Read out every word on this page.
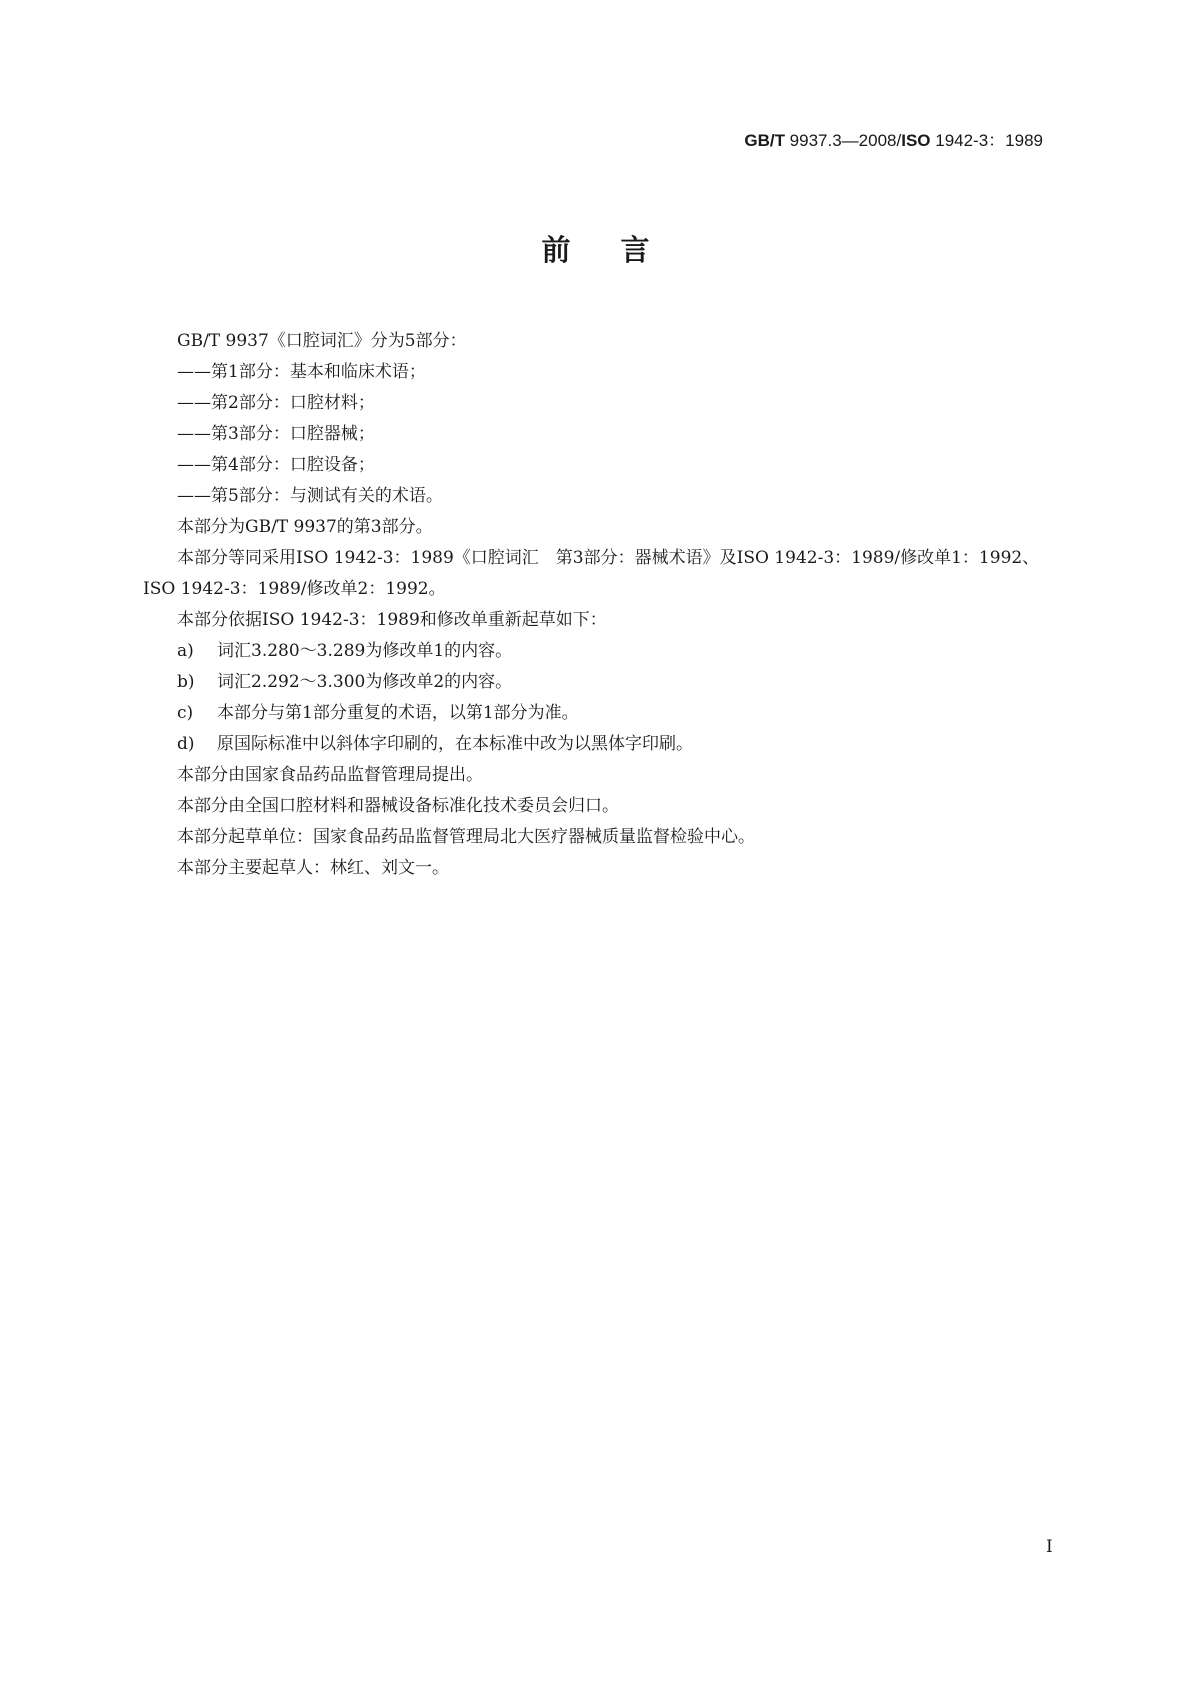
GB/T 9937.3—2008/ISO 1942-3：1989
前言

GB/T 9937《口腔词汇》分为5部分：

——第1部分：基本和临床术语；

——第2部分：口腔材料；

——第3部分：口腔器械；

——第4部分：口腔设备；

——第5部分：与测试有关的术语。

本部分为GB/T 9937的第3部分。

本部分等同采用ISO 1942-3：1989《口腔词汇　第3部分：器械术语》及ISO 1942-3：1989/修改单1：1992、ISO 1942-3：1989/修改单2：1992。

本部分依据ISO 1942-3：1989和修改单重新起草如下：

a) 词汇3.280～3.289为修改单1的内容。

b) 词汇2.292～3.300为修改单2的内容。

c) 本部分与第1部分重复的术语，以第1部分为准。

d) 原国际标准中以斜体字印刷的，在本标准中改为以黑体字印刷。

本部分由国家食品药品监督管理局提出。

本部分由全国口腔材料和器械设备标准化技术委员会归口。

本部分起草单位：国家食品药品监督管理局北大医疗器械质量监督检验中心。

本部分主要起草人：林红、刘文一。

I
